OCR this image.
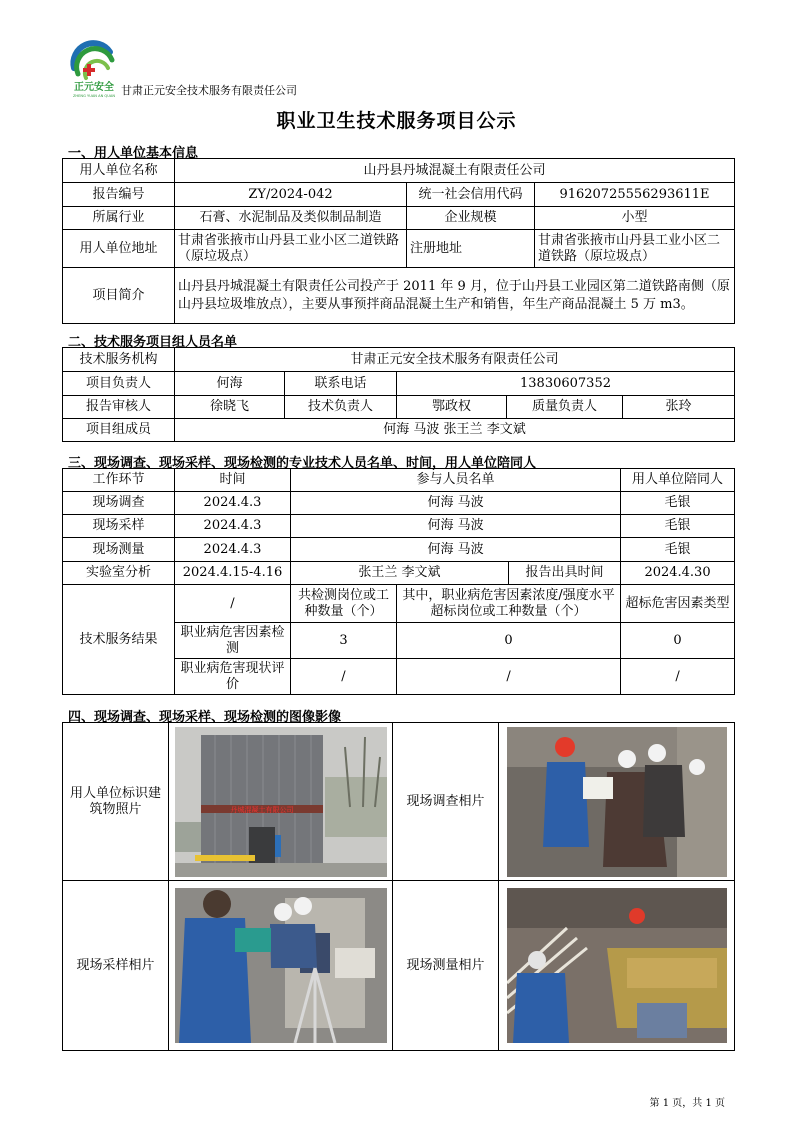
正元安全
ZHENG YUAN AN QUAN 甘肃正元安全技术服务有限责任公司
职业卫生技术服务项目公示
一、用人单位基本信息
用人单位名称	山丹县丹城混凝土有限责任公司		
报告编号	ZY/2024-042	统一社会信用代码	91620725556293611E
所属行业	石膏、水泥制品及类似制品制造	企业规模	小型
用人单位地址	甘肃省张掖市山丹县工业小区二道铁路（原垃圾点）	注册地址	甘肃省张掖市山丹县工业小区二道铁路（原垃圾点）
项目简介	山丹县丹城混凝土有限责任公司投产于 2011 年 9 月，位于山丹县工业园区第二道铁路南侧（原山丹县垃圾堆放点），主要从事预拌商品混凝土生产和销售，年生产商品混凝土 5 万 m3。		
二、技术服务项目组人员名单
技术服务机构	甘肃正元安全技术服务有限责任公司				
项目负责人	何海	联系电话	13830607352		
报告审核人	徐晓飞	技术负责人	鄂政权	质量负责人	张玲
项目组成员	何海 马波 张王兰 李文斌				
三、现场调查、现场采样、现场检测的专业技术人员名单、时间，用人单位陪同人
工作环节	时间	参与人员名单			用人单位陪同人
现场调查	2024.4.3	何海 马波			毛银
现场采样	2024.4.3	何海 马波			毛银
现场测量	2024.4.3	何海 马波			毛银
实验室分析	2024.4.15-4.16	张王兰 李文斌		报告出具时间	2024.4.30
技术服务结果	/	共检测岗位或工种数量（个）	其中，职业病危害因素浓度/强度水平超标岗位或工种数量（个）		超标危害因素类型
	职业病危害因素检测	3	0		0
	职业病危害现状评价	/	/		/
四、现场调查、现场采样、现场检测的图像影像
用人单位标识建筑物照片	丹城混凝土有限公司	现场调查相片	

现场采样相片		现场测量相片	
第 1 页，共 1 页
